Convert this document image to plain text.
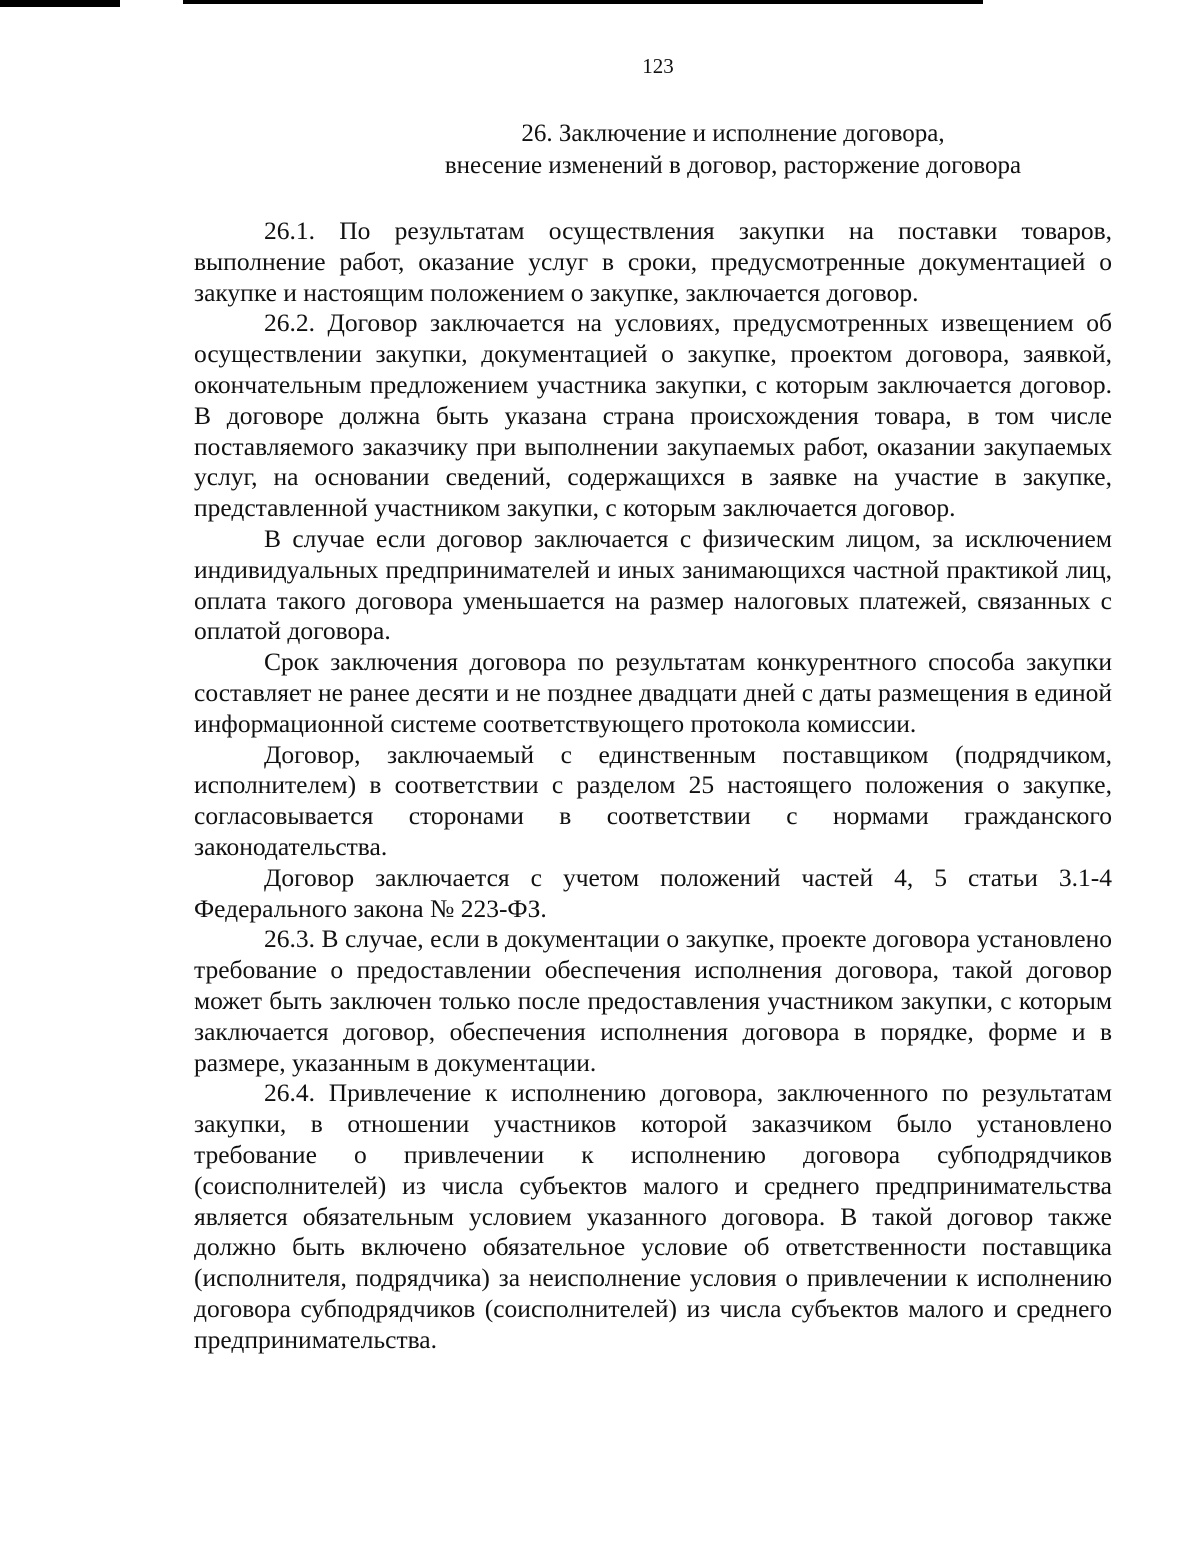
123
26. Заключение и исполнение договора,
внесение изменений в договор, расторжение договора

26.1. По результатам осуществления закупки на поставки товаров, выполнение работ, оказание услуг в сроки, предусмотренные документацией о закупке и настоящим положением о закупке, заключается договор.

26.2. Договор заключается на условиях, предусмотренных извещением об осуществлении закупки, документацией о закупке, проектом договора, заявкой, окончательным предложением участника закупки, с которым заключается договор. В договоре должна быть указана страна происхождения товара, в том числе поставляемого заказчику при выполнении закупаемых работ, оказании закупаемых услуг, на основании сведений, содержащихся в заявке на участие в закупке, представленной участником закупки, с которым заключается договор.

В случае если договор заключается с физическим лицом, за исключением индивидуальных предпринимателей и иных занимающихся частной практикой лиц, оплата такого договора уменьшается на размер налоговых платежей, связанных с оплатой договора.

Срок заключения договора по результатам конкурентного способа закупки составляет не ранее десяти и не позднее двадцати дней с даты размещения в единой информационной системе соответствующего протокола комиссии.

Договор, заключаемый с единственным поставщиком (подрядчиком, исполнителем) в соответствии с разделом 25 настоящего положения о закупке, согласовывается сторонами в соответствии с нормами гражданского законодательства.

Договор заключается с учетом положений частей 4, 5 статьи 3.1-4 Федерального закона № 223-ФЗ.

26.3. В случае, если в документации о закупке, проекте договора установлено требование о предоставлении обеспечения исполнения договора, такой договор может быть заключен только после предоставления участником закупки, с которым заключается договор, обеспечения исполнения договора в порядке, форме и в размере, указанным в документации.

26.4. Привлечение к исполнению договора, заключенного по результатам закупки, в отношении участников которой заказчиком было установлено требование о привлечении к исполнению договора субподрядчиков (соисполнителей) из числа субъектов малого и среднего предпринимательства является обязательным условием указанного договора. В такой договор также должно быть включено обязательное условие об ответственности поставщика (исполнителя, подрядчика) за неисполнение условия о привлечении к исполнению договора субподрядчиков (соисполнителей) из числа субъектов малого и среднего предпринимательства.
